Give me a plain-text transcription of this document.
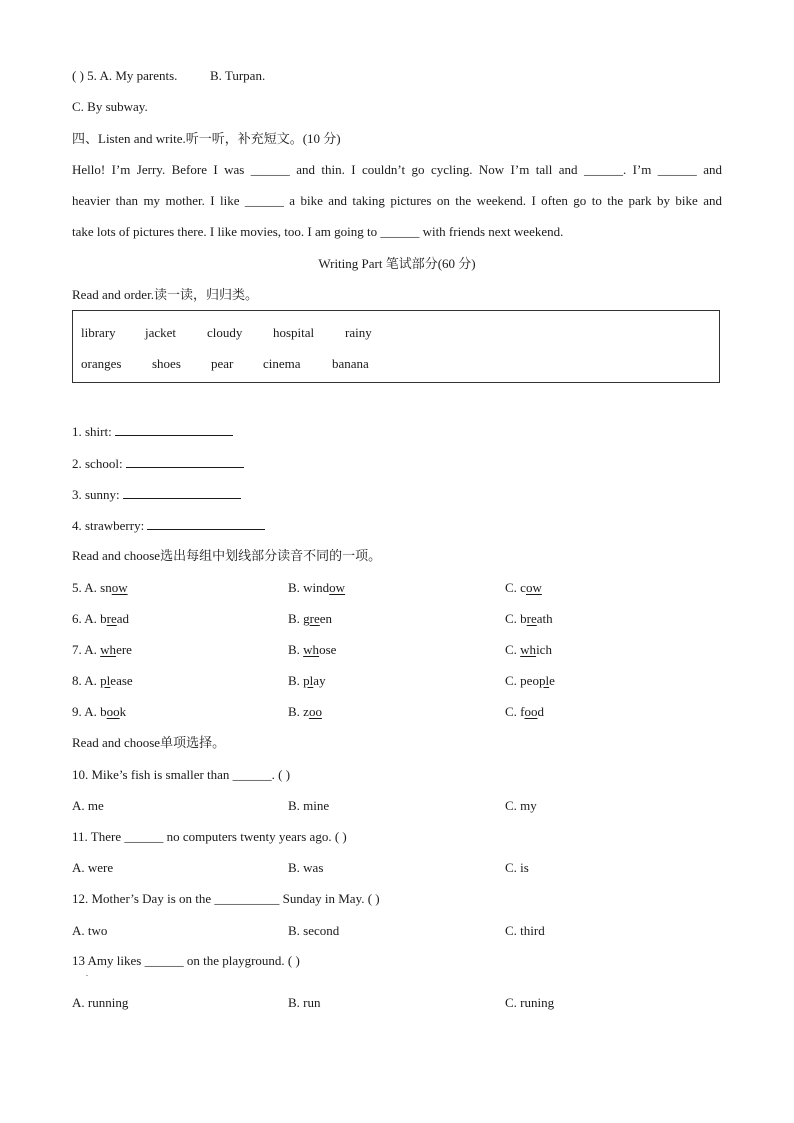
( ) 5. A. My parents.	B. Turpan.
C. By subway.
四、Listen and write.听一听，补充短文。(10 分)
Hello! I’m Jerry. Before I was ______ and thin. I couldn’t go cycling. Now I’m tall and ______. I’m ______ and
heavier than my mother. I like ______ a bike and taking pictures on the weekend. I often go to the park by bike and
take lots of pictures there. I like movies, too. I am going to ______ with friends next weekend.
Writing Part 笔试部分(60 分)
Read and order.读一读，归归类。
library jacket cloudy hospital rainy
oranges shoes pear cinema banana
1. shirt:
2. school:
3. sunny:
4. strawberry:
Read and choose选出每组中划线部分读音不同的一项。
5. A. snow	B. window	C. cow
6. A. bread	B. green	C. breath
7. A. where	B. whose	C. which
8. A. please	B. play	C. people
9. A. book	B. zoo	C. food
Read and choose单项选择。
10. Mike’s fish is smaller than ______. ( )
A. me	B. mine	C. my
11. There ______ no computers twenty years ago. ( )
A. were	B. was	C. is
12. Mother’s Day is on the __________ Sunday in May. ( )
A. two	B. second	C. third
13 Amy likes ______ on the playground. ( )
.
A. running	B. run	C. runing
